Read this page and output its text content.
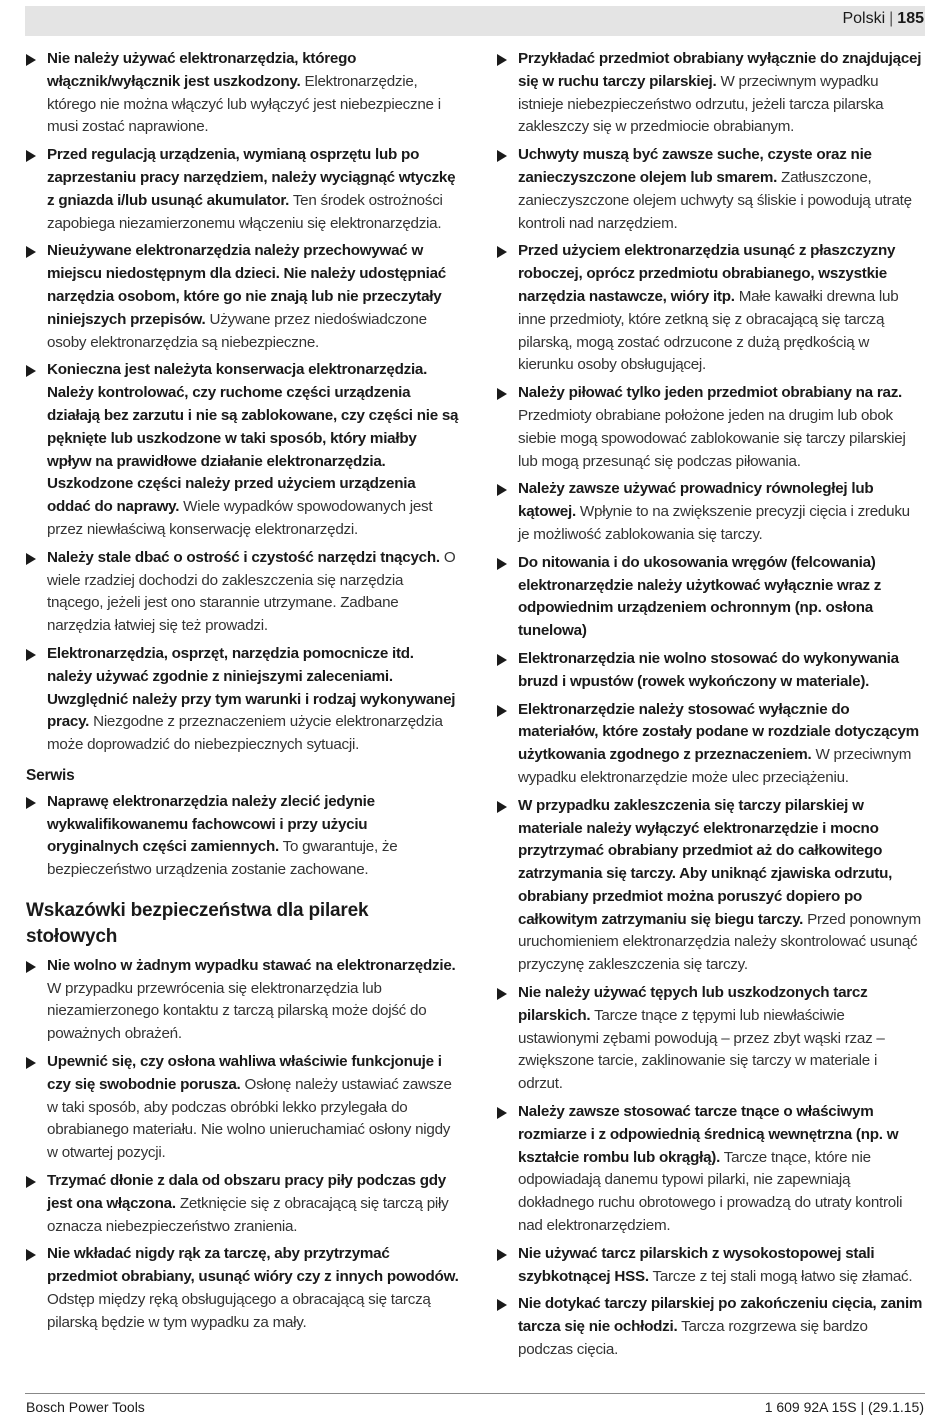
Polski | 185
Nie należy używać elektronarzędzia, którego włącznik/wyłącznik jest uszkodzony. Elektronarzędzie, którego nie można włączyć lub wyłączyć jest niebezpieczne i musi zostać naprawione.
Przed regulacją urządzenia, wymianą osprzętu lub po zaprzestaniu pracy narzędziem, należy wyciągnąć wtyczkę z gniazda i/lub usunąć akumulator. Ten środek ostrożności zapobiega niezamierzonemu włączeniu się elektronarzędzia.
Nieużywane elektronarzędzia należy przechowywać w miejscu niedostępnym dla dzieci. Nie należy udostępniać narzędzia osobom, które go nie znają lub nie przeczytały niniejszych przepisów. Używane przez niedoświadczone osoby elektronarzędzia są niebezpieczne.
Konieczna jest należyta konserwacja elektronarzędzia. Należy kontrolować, czy ruchome części urządzenia działają bez zarzutu i nie są zablokowane, czy części nie są pęknięte lub uszkodzone w taki sposób, który miałby wpływ na prawidłowe działanie elektronarzędzia. Uszkodzone części należy przed użyciem urządzenia oddać do naprawy. Wiele wypadków spowodowanych jest przez niewłaściwą konserwację elektronarzędzi.
Należy stale dbać o ostrość i czystość narzędzi tnących. O wiele rzadziej dochodzi do zakleszczenia się narzędzia tnącego, jeżeli jest ono starannie utrzymane. Zadbane narzędzia łatwiej się też prowadzi.
Elektronarzędzia, osprzęt, narzędzia pomocnicze itd. należy używać zgodnie z niniejszymi zaleceniami. Uwzględnić należy przy tym warunki i rodzaj wykonywanej pracy. Niezgodne z przeznaczeniem użycie elektronarzędzia może doprowadzić do niebezpiecznych sytuacji.
Serwis
Naprawę elektronarzędzia należy zlecić jedynie wykwalifikowanemu fachowcowi i przy użyciu oryginalnych części zamiennych. To gwarantuje, że bezpieczeństwo urządzenia zostanie zachowane.
Wskazówki bezpieczeństwa dla pilarek stołowych
Nie wolno w żadnym wypadku stawać na elektronarzędzie. W przypadku przewrócenia się elektronarzędzia lub niezamierzonego kontaktu z tarczą pilarską może dojść do poważnych obrażeń.
Upewnić się, czy osłona wahliwa właściwie funkcjonuje i czy się swobodnie porusza. Osłonę należy ustawiać zawsze w taki sposób, aby podczas obróbki lekko przylegała do obrabianego materiału. Nie wolno unieruchamiać osłony nigdy w otwartej pozycji.
Trzymać dłonie z dala od obszaru pracy piły podczas gdy jest ona włączona. Zetknięcie się z obracającą się tarczą piły oznacza niebezpieczeństwo zranienia.
Nie wkładać nigdy rąk za tarczę, aby przytrzymać przedmiot obrabiany, usunąć wióry czy z innych powodów. Odstęp między ręką obsługującego a obracającą się tarczą pilarską będzie w tym wypadku za mały.
Przykładać przedmiot obrabiany wyłącznie do znajdującej się w ruchu tarczy pilarskiej. W przeciwnym wypadku istnieje niebezpieczeństwo odrzutu, jeżeli tarcza pilarska zakleszczy się w przedmiocie obrabianym.
Uchwyty muszą być zawsze suche, czyste oraz nie zanieczyszczone olejem lub smarem. Zatłuszczone, zanieczyszczone olejem uchwyty są śliskie i powodują utratę kontroli nad narzędziem.
Przed użyciem elektronarzędzia usunąć z płaszczyzny roboczej, oprócz przedmiotu obrabianego, wszystkie narzędzia nastawcze, wióry itp. Małe kawałki drewna lub inne przedmioty, które zetkną się z obracającą się tarczą pilarską, mogą zostać odrzucone z dużą prędkością w kierunku osoby obsługującej.
Należy piłować tylko jeden przedmiot obrabiany na raz. Przedmioty obrabiane położone jeden na drugim lub obok siebie mogą spowodować zablokowanie się tarczy pilarskiej lub mogą przesunąć się podczas piłowania.
Należy zawsze używać prowadnicy równoległej lub kątowej. Wpłynie to na zwiększenie precyzji cięcia i zreduku je możliwość zablokowania się tarczy.
Do nitowania i do ukosowania wręgów (felcowania) elektronarzędzie należy użytkować wyłącznie wraz z odpowiednim urządzeniem ochronnym (np. osłona tunelowa)
Elektronarzędzia nie wolno stosować do wykonywania bruzd i wpustów (rowek wykończony w materiale).
Elektronarzędzie należy stosować wyłącznie do materiałów, które zostały podane w rozdziale dotyczącym użytkowania zgodnego z przeznaczeniem. W przeciwnym wypadku elektronarzędzie może ulec przeciążeniu.
W przypadku zakleszczenia się tarczy pilarskiej w materiale należy wyłączyć elektronarzędzie i mocno przytrzymać obrabiany przedmiot aż do całkowitego zatrzymania się tarczy. Aby uniknąć zjawiska odrzutu, obrabiany przedmiot można poruszyć dopiero po całkowitym zatrzymaniu się biegu tarczy. Przed ponownym uruchomieniem elektronarzędzia należy skontrolować usunąć przyczynę zakleszczenia się tarczy.
Nie należy używać tępych lub uszkodzonych tarcz pilarskich. Tarcze tnące z tępymi lub niewłaściwie ustawionymi zębami powodują – przez zbyt wąski rzaz – zwiększone tarcie, zaklinowanie się tarczy w materiale i odrzut.
Należy zawsze stosować tarcze tnące o właściwym rozmiarze i z odpowiednią średnicą wewnętrzna (np. w kształcie rombu lub okrągłą). Tarcze tnące, które nie odpowiadają danemu typowi pilarki, nie zapewniają dokładnego ruchu obrotowego i prowadzą do utraty kontroli nad elektronarzędziem.
Nie używać tarcz pilarskich z wysokostopowej stali szybkotnącej HSS. Tarcze z tej stali mogą łatwo się złamać.
Nie dotykać tarczy pilarskiej po zakończeniu cięcia, zanim tarcza się nie ochłodzi. Tarcza rozgrzewa się bardzo podczas cięcia.
Bosch Power Tools	1 609 92A 15S | (29.1.15)
